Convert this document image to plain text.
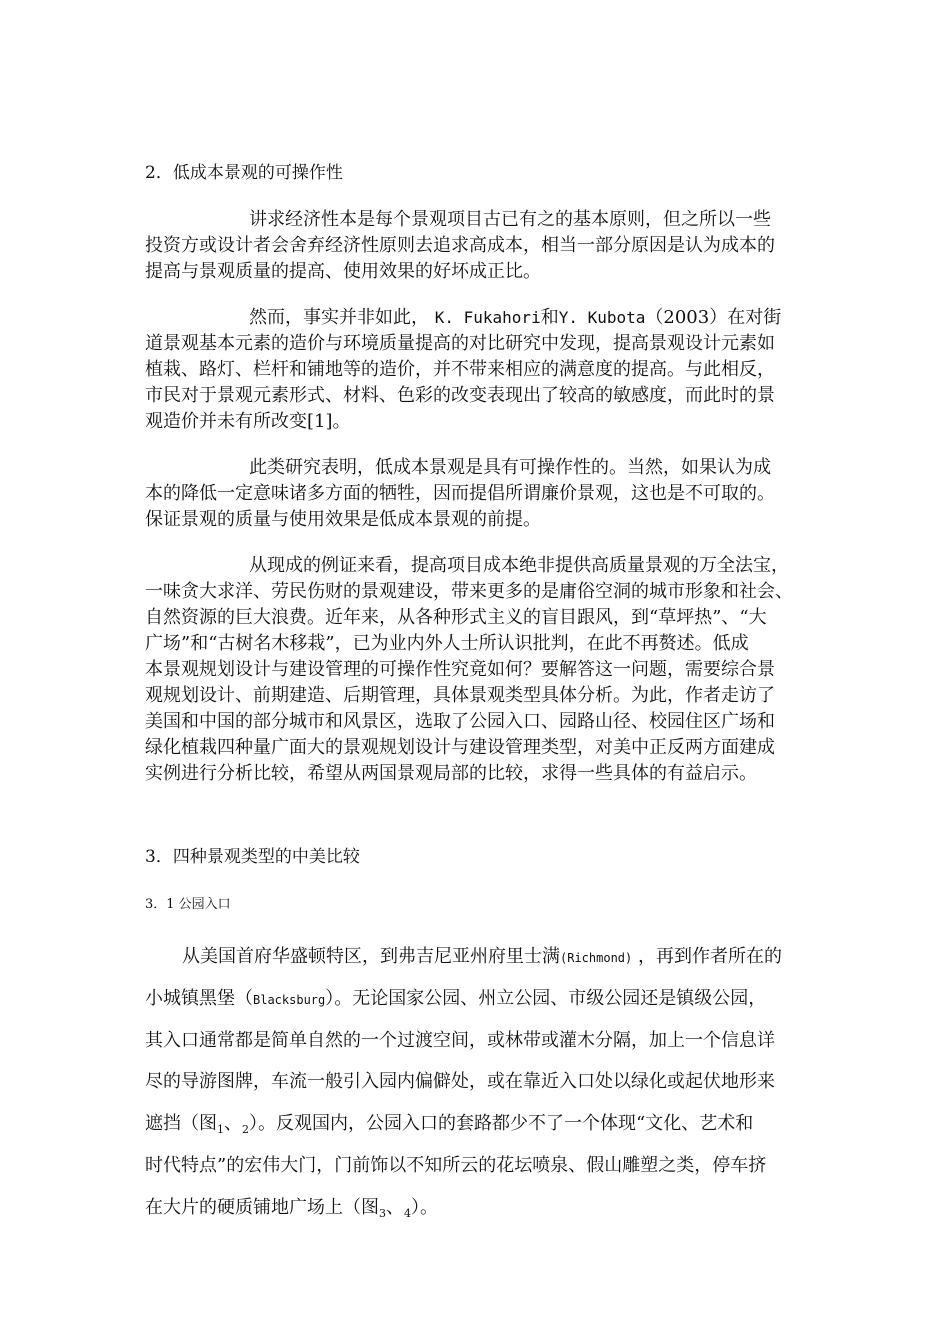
2．低成本景观的可操作性
讲求经济性本是每个景观项目古已有之的基本原则，但之所以一些
投资方或设计者会舍弃经济性原则去追求高成本，相当一部分原因是认为成本的
提高与景观质量的提高、使用效果的好坏成正比。
然而，事实并非如此， K. Fukahori和Y. Kubota（2003）在对街
道景观基本元素的造价与环境质量提高的对比研究中发现，提高景观设计元素如
植栽、路灯、栏杆和铺地等的造价，并不带来相应的满意度的提高。与此相反，
市民对于景观元素形式、材料、色彩的改变表现出了较高的敏感度，而此时的景
观造价并未有所改变[1]。
此类研究表明，低成本景观是具有可操作性的。当然，如果认为成
本的降低一定意味诸多方面的牺牲，因而提倡所谓廉价景观，这也是不可取的。
保证景观的质量与使用效果是低成本景观的前提。
从现成的例证来看，提高项目成本绝非提供高质量景观的万全法宝，
一味贪大求洋、劳民伤财的景观建设，带来更多的是庸俗空洞的城市形象和社会、
自然资源的巨大浪费。近年来，从各种形式主义的盲目跟风，到“草坪热”、“大
广场”和“古树名木移栽”，已为业内外人士所认识批判，在此不再赘述。低成
本景观规划设计与建设管理的可操作性究竟如何？要解答这一问题，需要综合景
观规划设计、前期建造、后期管理，具体景观类型具体分析。为此，作者走访了
美国和中国的部分城市和风景区，选取了公园入口、园路山径、校园住区广场和
绿化植栽四种量广面大的景观规划设计与建设管理类型，对美中正反两方面建成
实例进行分析比较，希望从两国景观局部的比较，求得一些具体的有益启示。
3．四种景观类型的中美比较
3．1 公园入口
从美国首府华盛顿特区，到弗吉尼亚州府里士满(Richmond) ，再到作者所在的
小城镇黑堡（Blacksburg）。无论国家公园、州立公园、市级公园还是镇级公园，
其入口通常都是简单自然的一个过渡空间，或林带或灌木分隔，加上一个信息详
尽的导游图牌，车流一般引入园内偏僻处，或在靠近入口处以绿化或起伏地形来
遮挡（图$_1$、$_2$）。反观国内，公园入口的套路都少不了一个体现“文化、艺术和
时代特点”的宏伟大门，门前饰以不知所云的花坛喷泉、假山雕塑之类，停车挤
在大片的硬质铺地广场上（图$_3$、$_4$）。
